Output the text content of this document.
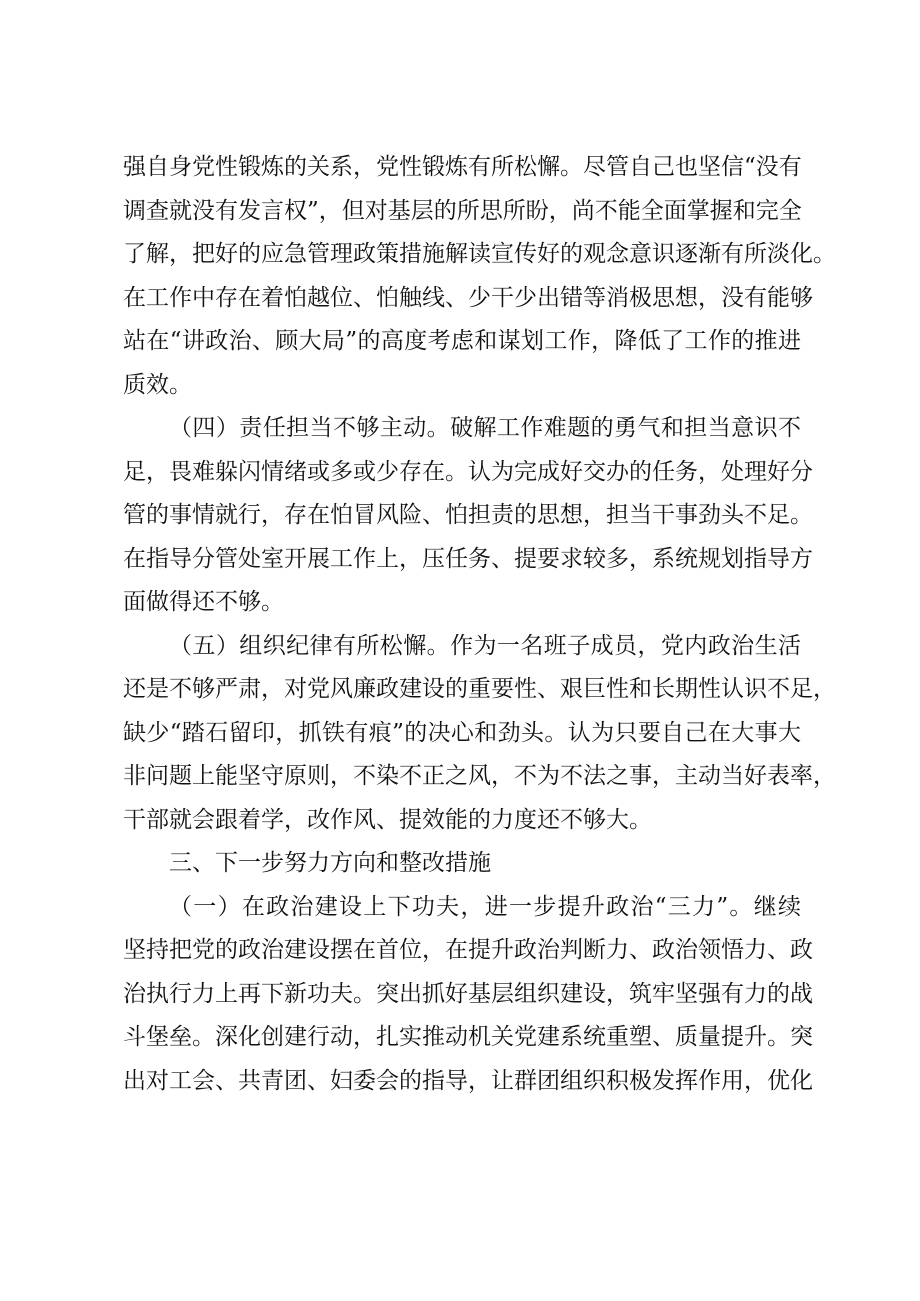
强自身党性锻炼的关系，党性锻炼有所松懈。尽管自己也坚信“没有
调查就没有发言权”，但对基层的所思所盼，尚不能全面掌握和完全
了解，把好的应急管理政策措施解读宣传好的观念意识逐渐有所淡化。
在工作中存在着怕越位、怕触线、少干少出错等消极思想，没有能够
站在“讲政治、顾大局”的高度考虑和谋划工作，降低了工作的推进
质效。
（四）责任担当不够主动。破解工作难题的勇气和担当意识不
足，畏难躲闪情绪或多或少存在。认为完成好交办的任务，处理好分
管的事情就行，存在怕冒风险、怕担责的思想，担当干事劲头不足。
在指导分管处室开展工作上，压任务、提要求较多，系统规划指导方
面做得还不够。
（五）组织纪律有所松懈。作为一名班子成员，党内政治生活
还是不够严肃，对党风廉政建设的重要性、艰巨性和长期性认识不足，
缺少“踏石留印，抓铁有痕”的决心和劲头。认为只要自己在大事大
非问题上能坚守原则，不染不正之风，不为不法之事，主动当好表率，
干部就会跟着学，改作风、提效能的力度还不够大。
三、下一步努力方向和整改措施
（一）在政治建设上下功夫，进一步提升政治“三力”。继续
坚持把党的政治建设摆在首位，在提升政治判断力、政治领悟力、政
治执行力上再下新功夫。突出抓好基层组织建设，筑牢坚强有力的战
斗堡垒。深化创建行动，扎实推动机关党建系统重塑、质量提升。突
出对工会、共青团、妇委会的指导，让群团组织积极发挥作用，优化
